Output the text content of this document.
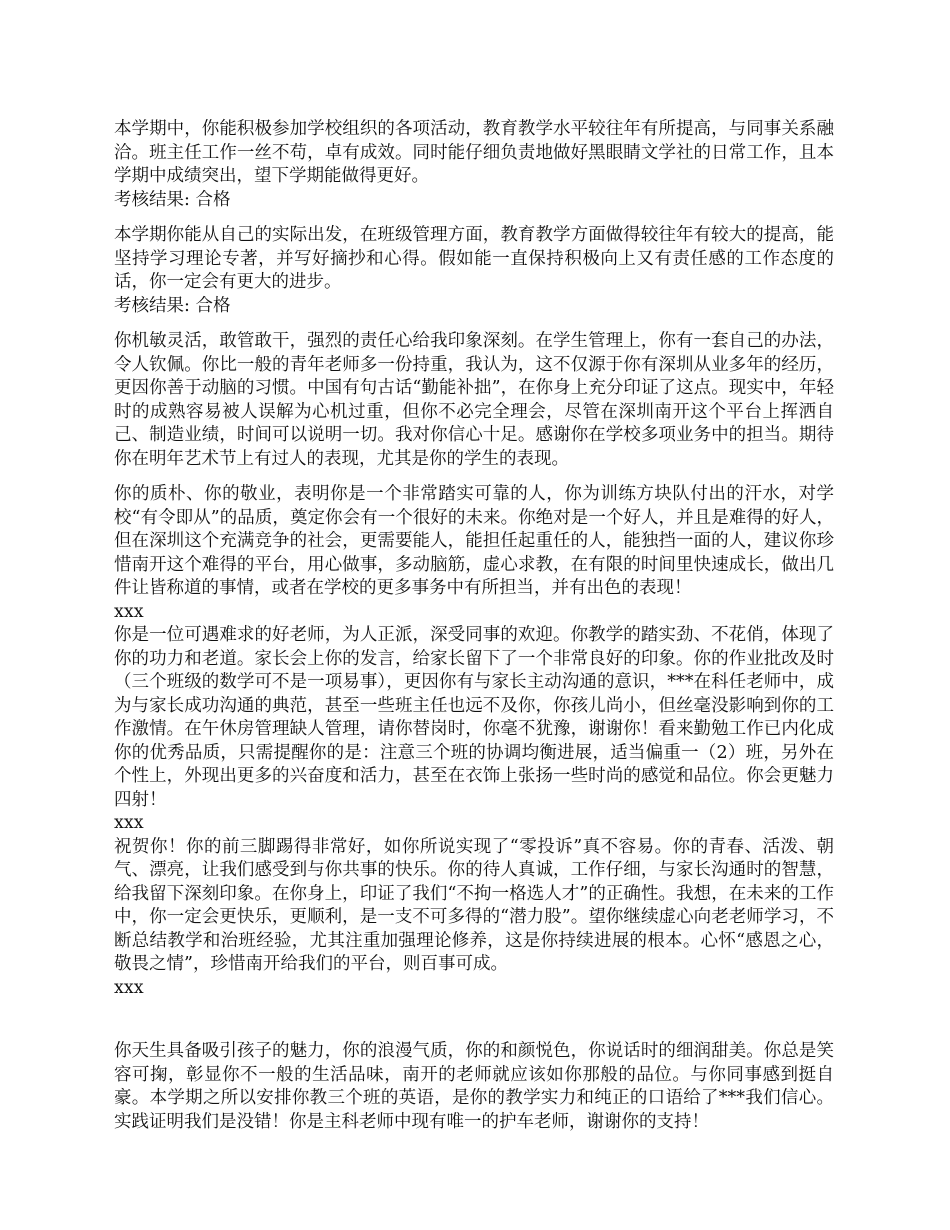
本学期中，你能积极参加学校组织的各项活动，教育教学水平较往年有所提高，与同事关系融洽。班主任工作一丝不苟，卓有成效。同时能仔细负责地做好黑眼睛文学社的日常工作，且本学期中成绩突出，望下学期能做得更好。

考核结果: 合格

本学期你能从自己的实际出发，在班级管理方面，教育教学方面做得较往年有较大的提高，能坚持学习理论专著，并写好摘抄和心得。假如能一直保持积极向上又有责任感的工作态度的话，你一定会有更大的进步。

考核结果: 合格

你机敏灵活，敢管敢干，强烈的责任心给我印象深刻。在学生管理上，你有一套自己的办法，令人钦佩。你比一般的青年老师多一份持重，我认为，这不仅源于你有深圳从业多年的经历，更因你善于动脑的习惯。中国有句古话“勤能补拙”，在你身上充分印证了这点。现实中，年轻时的成熟容易被人误解为心机过重，但你不必完全理会，尽管在深圳南开这个平台上挥洒自己、制造业绩，时间可以说明一切。我对你信心十足。感谢你在学校多项业务中的担当。期待你在明年艺术节上有过人的表现，尤其是你的学生的表现。

你的质朴、你的敬业，表明你是一个非常踏实可靠的人，你为训练方块队付出的汗水，对学校“有令即从”的品质，奠定你会有一个很好的未来。你绝对是一个好人，并且是难得的好人，但在深圳这个充满竞争的社会，更需要能人，能担任起重任的人，能独挡一面的人，建议你珍惜南开这个难得的平台，用心做事，多动脑筋，虚心求教，在有限的时间里快速成长，做出几件让皆称道的事情，或者在学校的更多事务中有所担当，并有出色的表现！

xxx

你是一位可遇难求的好老师，为人正派，深受同事的欢迎。你教学的踏实劲、不花俏，体现了你的功力和老道。家长会上你的发言，给家长留下了一个非常良好的印象。你的作业批改及时（三个班级的数学可不是一项易事），更因你有与家长主动沟通的意识，***在科任老师中，成为与家长成功沟通的典范，甚至一些班主任也远不及你，你孩儿尚小，但丝毫没影响到你的工作激情。在午休房管理缺人管理，请你替岗时，你毫不犹豫，谢谢你！看来勤勉工作已内化成你的优秀品质，只需提醒你的是：注意三个班的协调均衡进展，适当偏重一（2）班，另外在个性上，外现出更多的兴奋度和活力，甚至在衣饰上张扬一些时尚的感觉和品位。你会更魅力四射！

xxx

祝贺你！你的前三脚踢得非常好，如你所说实现了“零投诉”真不容易。你的青春、活泼、朝气、漂亮，让我们感受到与你共事的快乐。你的待人真诚，工作仔细，与家长沟通时的智慧，给我留下深刻印象。在你身上，印证了我们“不拘一格选人才”的正确性。我想，在未来的工作中，你一定会更快乐，更顺利，是一支不可多得的“潜力股”。望你继续虚心向老老师学习，不断总结教学和治班经验，尤其注重加强理论修养，这是你持续进展的根本。心怀“感恩之心，敬畏之情”，珍惜南开给我们的平台，则百事可成。

xxx

你天生具备吸引孩子的魅力，你的浪漫气质，你的和颜悦色，你说话时的细润甜美。你总是笑容可掬，彰显你不一般的生活品味，南开的老师就应该如你那般的品位。与你同事感到挺自豪。本学期之所以安排你教三个班的英语，是你的教学实力和纯正的口语给了***我们信心。实践证明我们是没错！你是主科老师中现有唯一的护车老师，谢谢你的支持！
